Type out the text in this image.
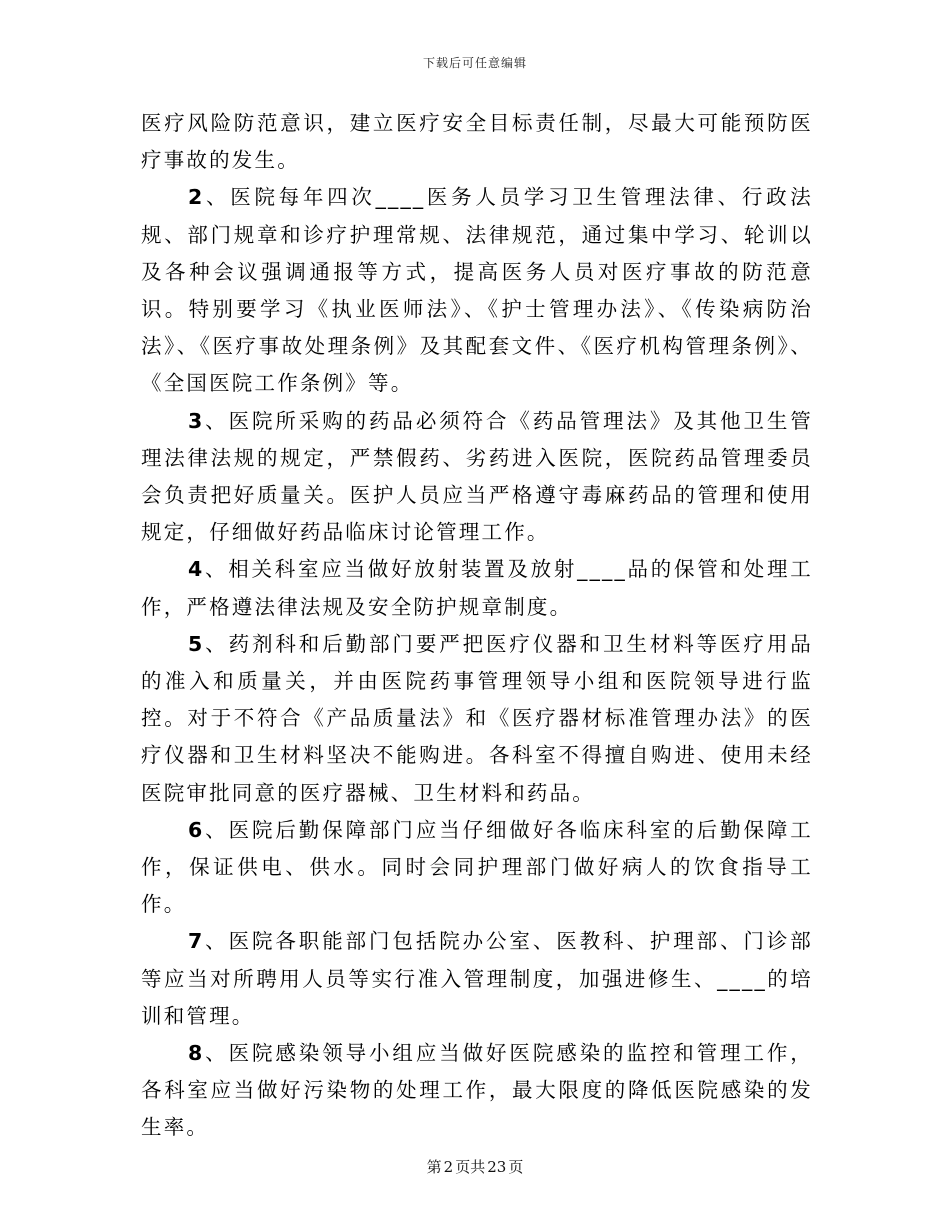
下载后可任意编辑

医疗风险防范意识，建立医疗安全目标责任制，尽最大可能预防医疗事故的发生。

2、医院每年四次____医务人员学习卫生管理法律、行政法规、部门规章和诊疗护理常规、法律规范，通过集中学习、轮训以及各种会议强调通报等方式，提高医务人员对医疗事故的防范意识。特别要学习《执业医师法》、《护士管理办法》、《传染病防治法》、《医疗事故处理条例》及其配套文件、《医疗机构管理条例》、《全国医院工作条例》等。

3、医院所采购的药品必须符合《药品管理法》及其他卫生管理法律法规的规定，严禁假药、劣药进入医院，医院药品管理委员会负责把好质量关。医护人员应当严格遵守毒麻药品的管理和使用规定，仔细做好药品临床讨论管理工作。

4、相关科室应当做好放射装置及放射____品的保管和处理工作，严格遵法律法规及安全防护规章制度。

5、药剂科和后勤部门要严把医疗仪器和卫生材料等医疗用品的准入和质量关，并由医院药事管理领导小组和医院领导进行监控。对于不符合《产品质量法》和《医疗器材标准管理办法》的医疗仪器和卫生材料坚决不能购进。各科室不得擅自购进、使用未经医院审批同意的医疗器械、卫生材料和药品。

6、医院后勤保障部门应当仔细做好各临床科室的后勤保障工作，保证供电、供水。同时会同护理部门做好病人的饮食指导工作。

7、医院各职能部门包括院办公室、医教科、护理部、门诊部等应当对所聘用人员等实行准入管理制度，加强进修生、____的培训和管理。

8、医院感染领导小组应当做好医院感染的监控和管理工作，各科室应当做好污染物的处理工作，最大限度的降低医院感染的发生率。

第 2 页共 23 页
